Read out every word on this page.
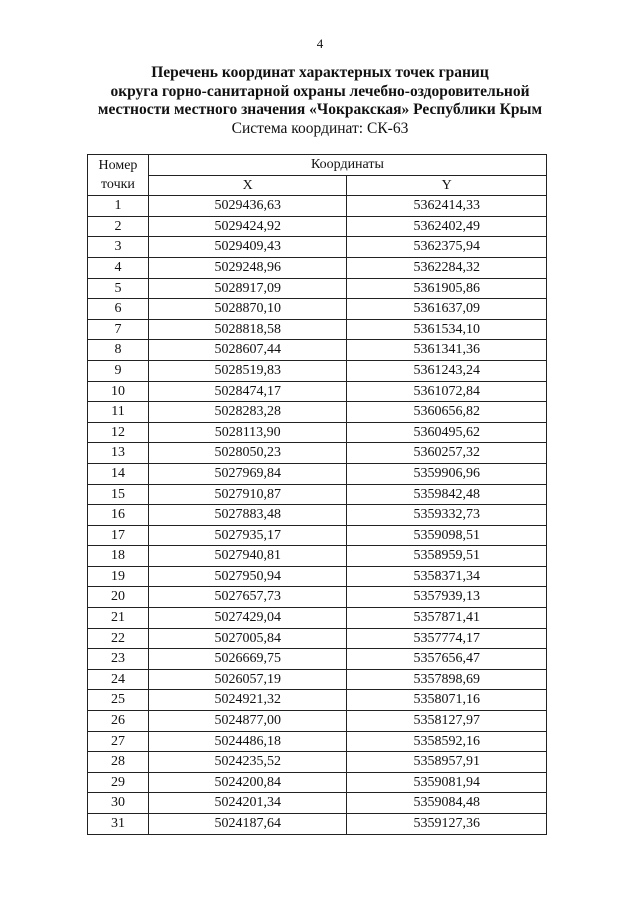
4
Перечень координат характерных точек границ
округа горно-санитарной охраны лечебно-оздоровительной
местности местного значения «Чокракская» Республики Крым
Система координат: СК-63
Номер
точки	Координаты	
	X	Y
1	5029436,63	5362414,33
2	5029424,92	5362402,49
3	5029409,43	5362375,94
4	5029248,96	5362284,32
5	5028917,09	5361905,86
6	5028870,10	5361637,09
7	5028818,58	5361534,10
8	5028607,44	5361341,36
9	5028519,83	5361243,24
10	5028474,17	5361072,84
11	5028283,28	5360656,82
12	5028113,90	5360495,62
13	5028050,23	5360257,32
14	5027969,84	5359906,96
15	5027910,87	5359842,48
16	5027883,48	5359332,73
17	5027935,17	5359098,51
18	5027940,81	5358959,51
19	5027950,94	5358371,34
20	5027657,73	5357939,13
21	5027429,04	5357871,41
22	5027005,84	5357774,17
23	5026669,75	5357656,47
24	5026057,19	5357898,69
25	5024921,32	5358071,16
26	5024877,00	5358127,97
27	5024486,18	5358592,16
28	5024235,52	5358957,91
29	5024200,84	5359081,94
30	5024201,34	5359084,48
31	5024187,64	5359127,36
